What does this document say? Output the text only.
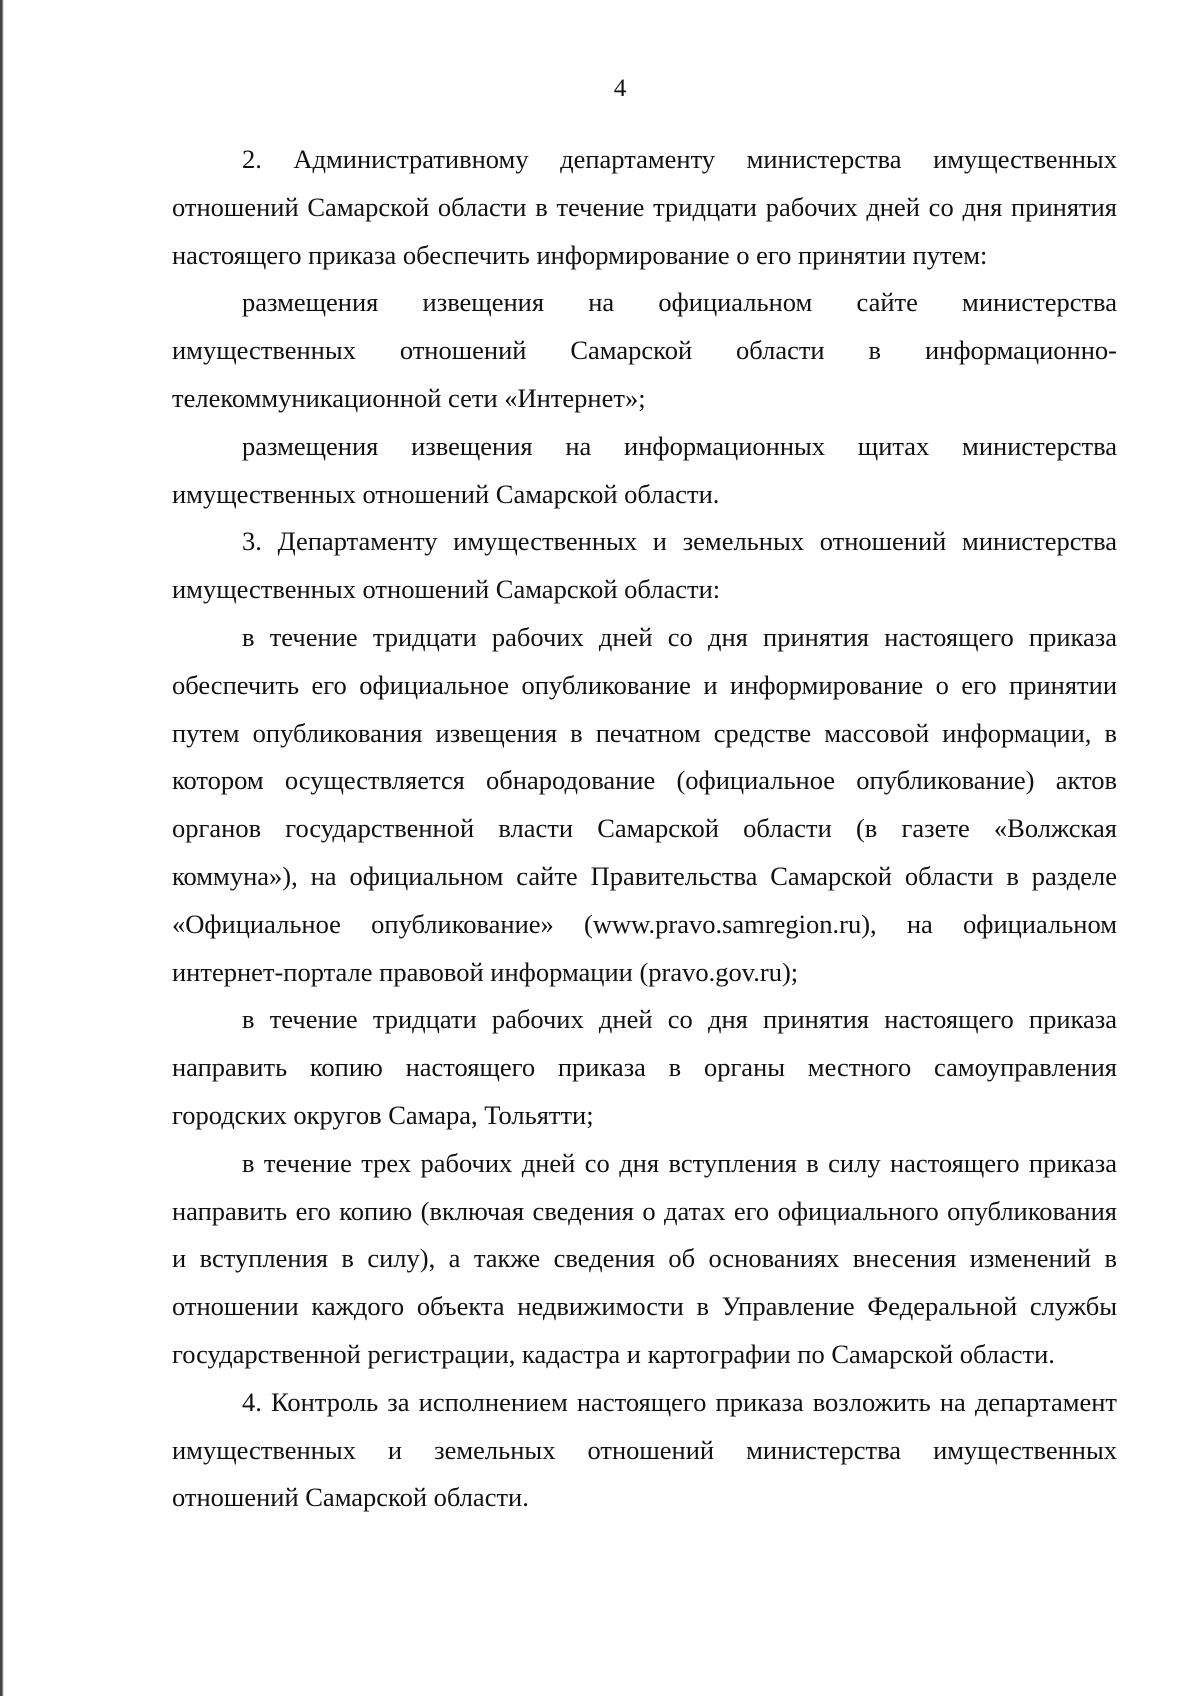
4

2. Административному департаменту министерства имущественных отношений Самарской области в течение тридцати рабочих дней со дня принятия настоящего приказа обеспечить информирование о его принятии путем:

размещения извещения на официальном сайте министерства имущественных отношений Самарской области в информационно-телекоммуникационной сети «Интернет»;

размещения извещения на информационных щитах министерства имущественных отношений Самарской области.

3. Департаменту имущественных и земельных отношений министерства имущественных отношений Самарской области:

в течение тридцати рабочих дней со дня принятия настоящего приказа обеспечить его официальное опубликование и информирование о его принятии путем опубликования извещения в печатном средстве массовой информации, в котором осуществляется обнародование (официальное опубликование) актов органов государственной власти Самарской области (в газете «Волжская коммуна»), на официальном сайте Правительства Самарской области в разделе «Официальное опубликование» (www.pravo.samregion.ru), на официальном интернет-портале правовой информации (pravo.gov.ru);

в течение тридцати рабочих дней со дня принятия настоящего приказа направить копию настоящего приказа в органы местного самоуправления городских округов Самара, Тольятти;

в течение трех рабочих дней со дня вступления в силу настоящего приказа направить его копию (включая сведения о датах его официального опубликования и вступления в силу), а также сведения об основаниях внесения изменений в отношении каждого объекта недвижимости в Управление Федеральной службы государственной регистрации, кадастра и картографии по Самарской области.

4. Контроль за исполнением настоящего приказа возложить на департамент имущественных и земельных отношений министерства имущественных отношений Самарской области.
